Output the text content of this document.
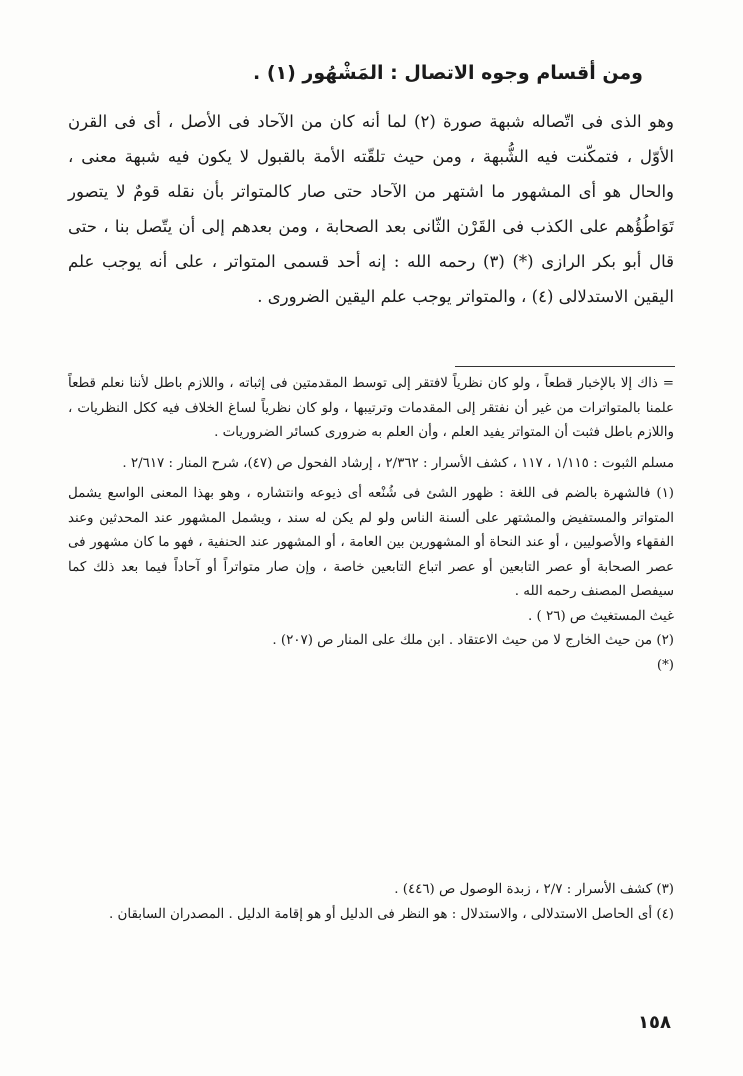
ومن أقسام وجوه الاتصال : المَشْهُور (١) .

وهو الذى فى اتّصاله شبهة صورة (٢) لما أنه كان من الآحاد فى الأصل ، أى فى القرن الأوّل ، فتمكّنت فيه الشُّبهة ، ومن حيث تلقّته الأمة بالقبول لا يكون فيه شبهة معنى ، والحال هو أى المشهور ما اشتهر من الآحاد حتى صار كالمتواتر بأن نقله قومٌ لا يتصور تَوَاطُؤُهم على الكذب فى القَرْن الثّانى بعد الصحابة ، ومن بعدهم إلى أن يتّصل بنا ، حتى قال أبو بكر الرازى (*) (٣) رحمه الله : إنه أحد قسمى المتواتر ، على أنه يوجب علم اليقين الاستدلالى (٤) ، والمتواتر يوجب علم اليقين الضرورى .

= ذاك إلا بالإخبار قطعاً ، ولو كان نظرياً لافتقر إلى توسط المقدمتين فى إثباته ، واللازم باطل لأننا نعلم قطعاً علمنا بالمتواترات من غير أن نفتقر إلى المقدمات وترتيبها ، ولو كان نظرياً لساغ الخلاف فيه ككل النظريات ، واللازم باطل فثبت أن المتواتر يفيد العلم ، وأن العلم به ضرورى كسائر الضروريات .

مسلم الثبوت : ١/١١٥ ، ١١٧ ، كشف الأسرار : ٢/٣٦٢ ، إرشاد الفحول ص (٤٧)، شرح المنار : ٢/٦١٧ .

(١) فالشهرة بالضم فى اللغة : ظهور الشئ فى شُنْعه أى ذيوعه وانتشاره ، وهو بهذا المعنى الواسع يشمل المتواتر والمستفيض والمشتهر على ألسنة الناس ولو لم يكن له سند ، ويشمل المشهور عند المحدثين وعند الفقهاء والأصوليين ، أو عند النحاة أو المشهورين بين العامة ، أو المشهور عند الحنفية ، فهو ما كان مشهور فى عصر الصحابة أو عصر التابعين أو عصر اتباع التابعين خاصة ، وإن صار متواتراً أو آحاداً فيما بعد ذلك كما سيفصل المصنف رحمه الله .

غيث المستغيث ص (٢٦ ) .

(٢) من حيث الخارج لا من حيث الاعتقاد . ابن ملك على المنار ص (٢٠٧) .

(*)

(٣) كشف الأسرار : ٢/٧ ، زبدة الوصول ص (٤٤٦) .

(٤) أى الحاصل الاستدلالى ، والاستدلال : هو النظر فى الدليل أو هو إقامة الدليل . المصدران السابقان .

١٥٨
